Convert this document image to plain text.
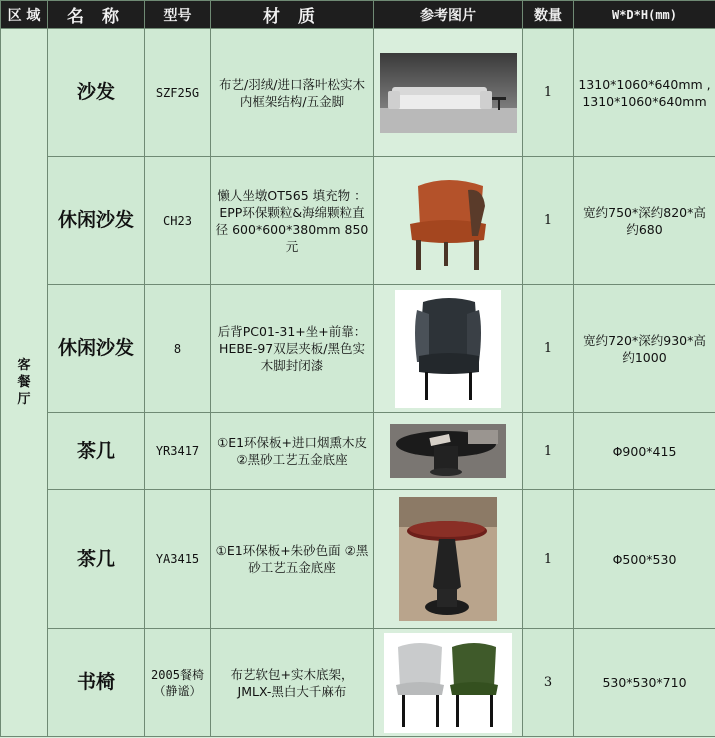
区 域	名 称	型号	材 质	参考图片	数量	W*D*H(mm)
客餐厅	沙发	SZF25G	布艺/羽绒/进口落叶松实木内框架结构/五金脚		1	1310*1060*640mm , 1310*1060*640mm
	休闲沙发	CH23	懒人坐墩OT565 填充物 ：EPP环保颗粒&海绵颗粒直径 600*600*380mm 850元		1	宽约750*深约820*高约680
	休闲沙发	8	后背PC01-31+坐+前靠：HEBE-97双层夹板/黑色实木脚封闭漆		1	宽约720*深约930*高约1000
	茶几	YR3417	①E1环保板+进口烟熏木皮 ②黑砂工艺五金底座		1	Φ900*415
	茶几	YA3415	①E1环保板+朱砂色面 ②黑砂工艺五金底座		1	Φ500*530
	书椅	2005餐椅（静谧）	布艺软包+实木底架，JMLX-黑白大千麻布		3	530*530*710
